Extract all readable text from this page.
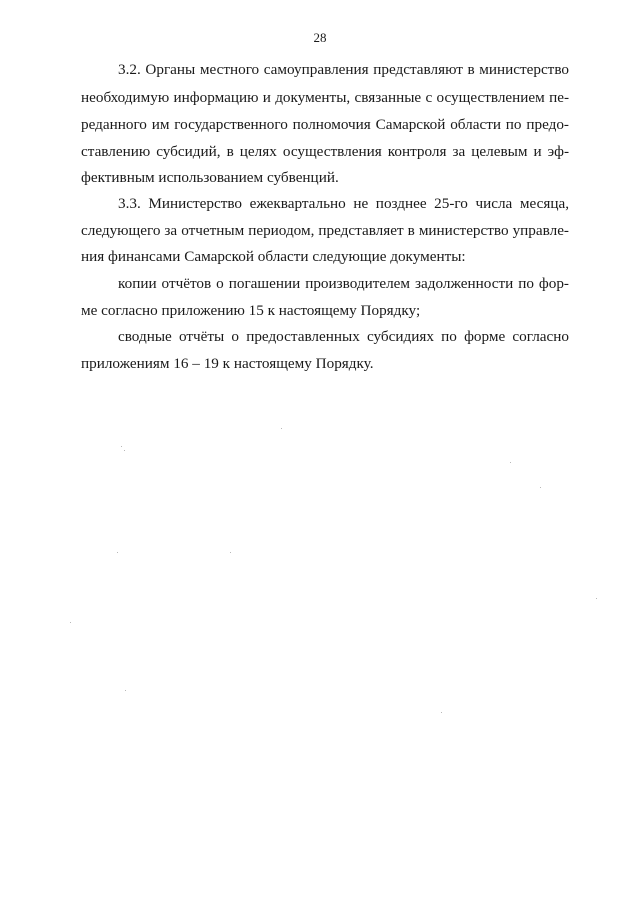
28
3.2. Органы местного самоуправления представляют в министерство
необходимую информацию и документы, связанные с осуществлением пе-
реданного им государственного полномочия Самарской области по предо-
ставлению субсидий, в целях осуществления контроля за целевым и эф-
фективным использованием субвенций.
3.3. Министерство ежеквартально не позднее 25-го числа месяца,
следующего за отчетным периодом, представляет в министерство управле-
ния финансами Самарской области следующие документы:
копии отчётов о погашении производителем задолженности по фор-
ме согласно приложению 15 к настоящему Порядку;
сводные отчёты о предоставленных субсидиях по форме согласно
приложениям 16 – 19 к настоящему Порядку.
